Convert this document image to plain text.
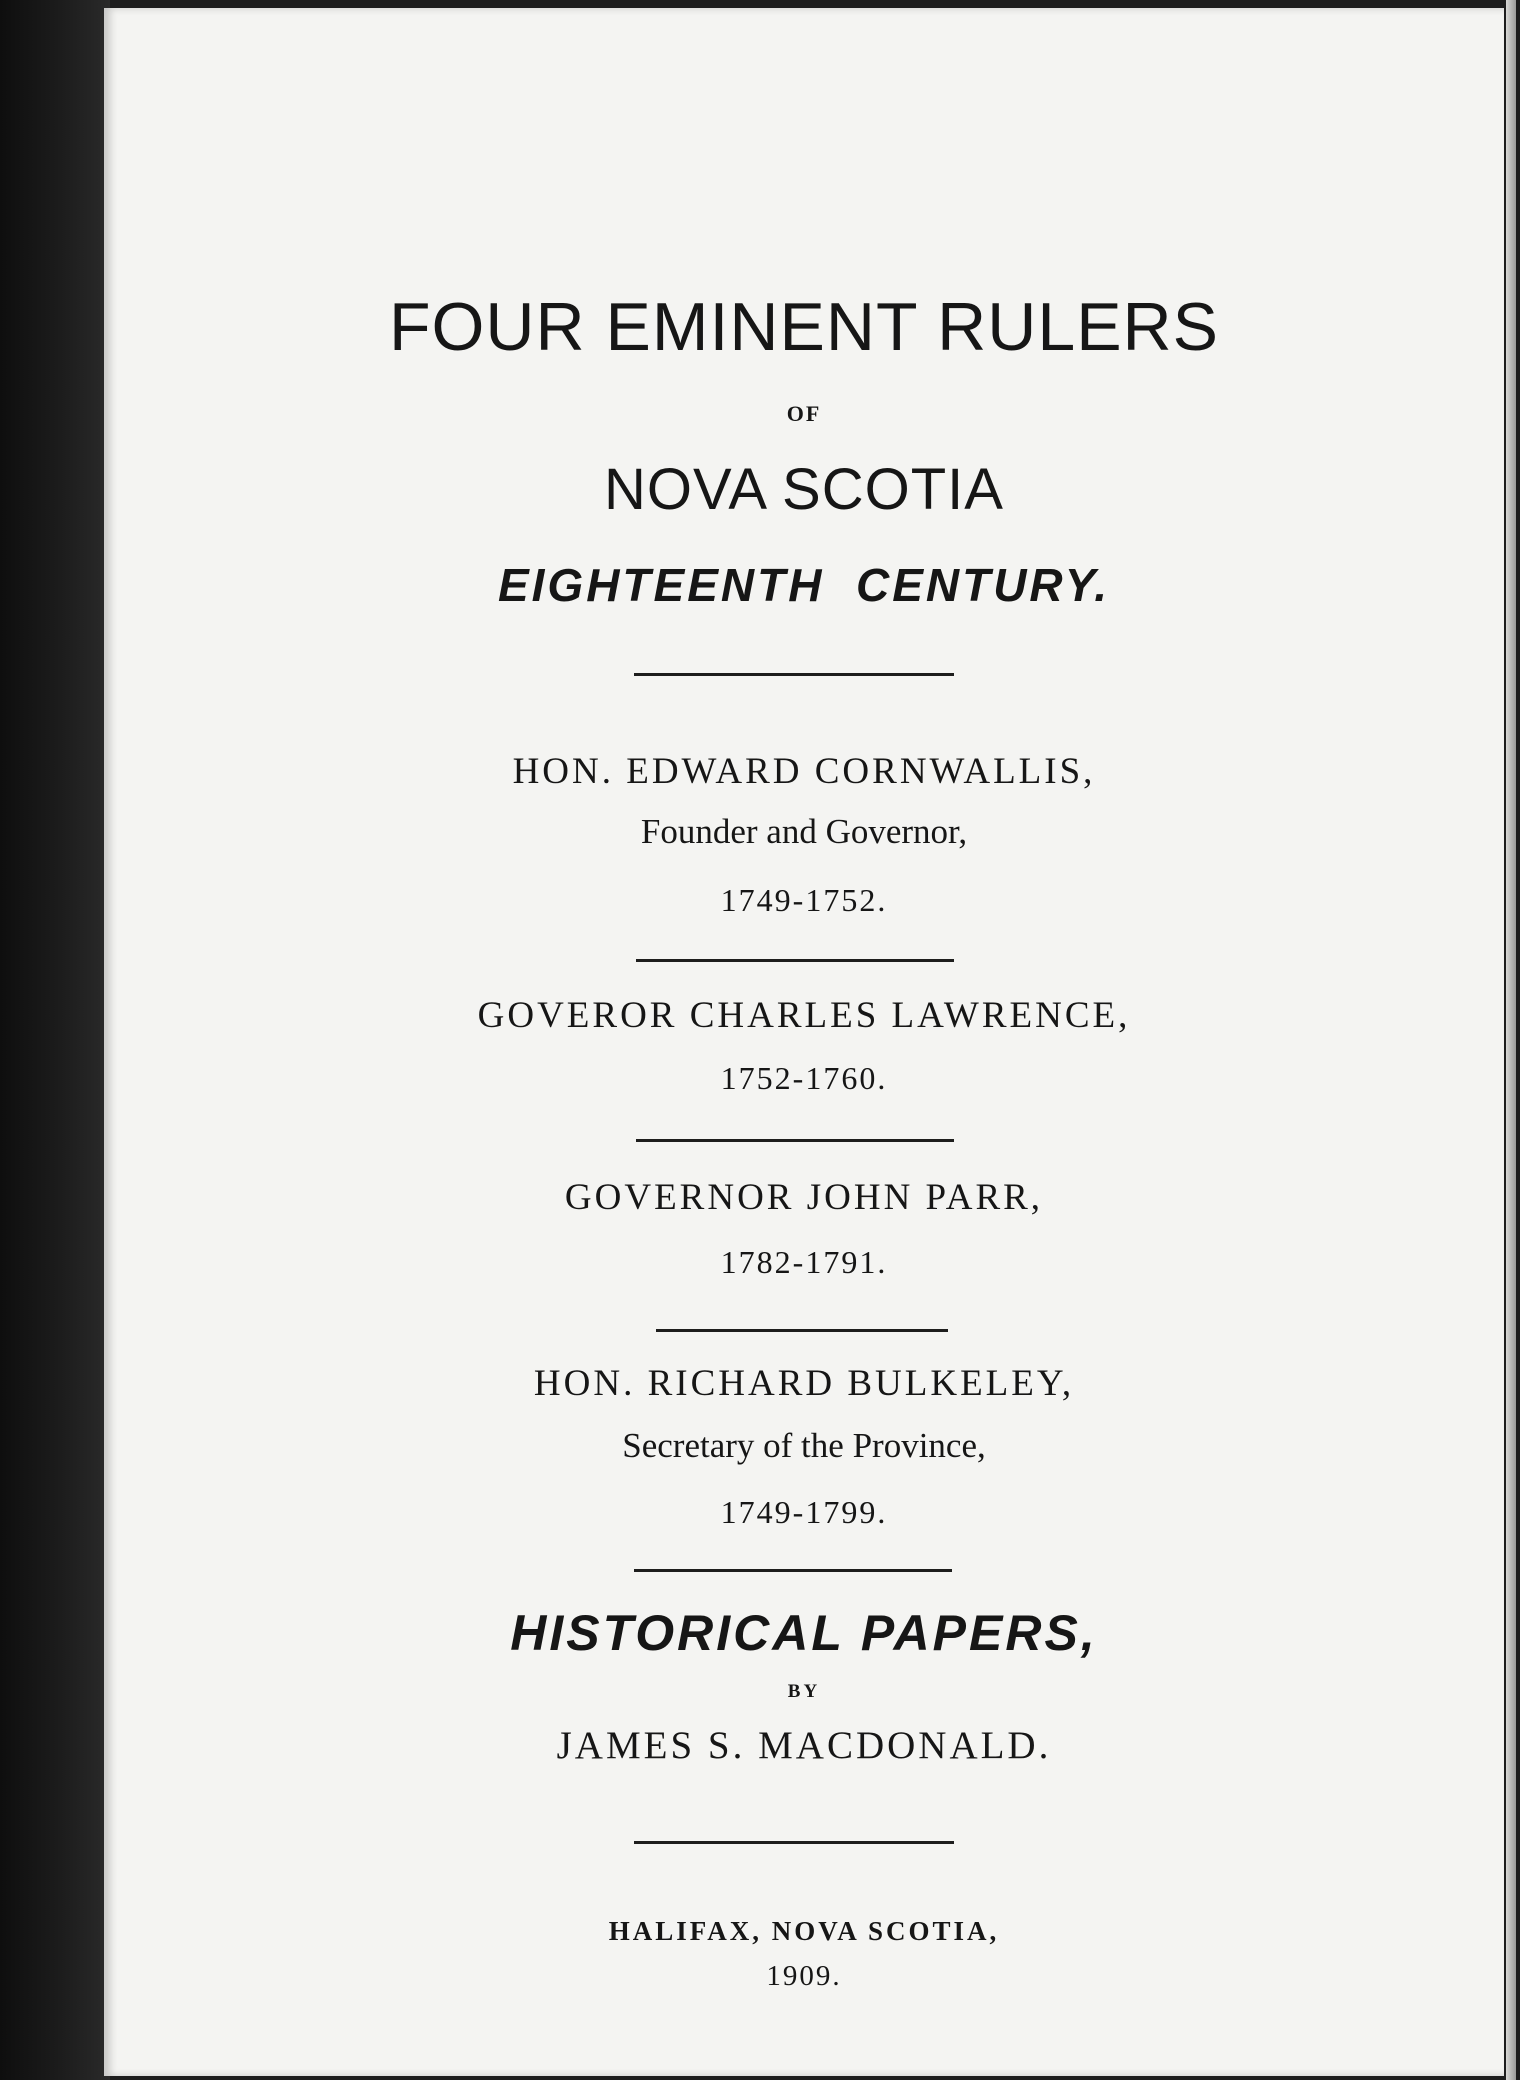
FOUR EMINENT RULERS
OF
NOVA SCOTIA
EIGHTEENTH  CENTURY.
HON. EDWARD CORNWALLIS,
Founder and Governor,
1749-1752.
GOVEROR CHARLES LAWRENCE,
1752-1760.
GOVERNOR JOHN PARR,
1782-1791.
HON. RICHARD BULKELEY,
Secretary of the Province,
1749-1799.
HISTORICAL PAPERS,
BY
JAMES S. MACDONALD.
HALIFAX, NOVA SCOTIA,
1909.
